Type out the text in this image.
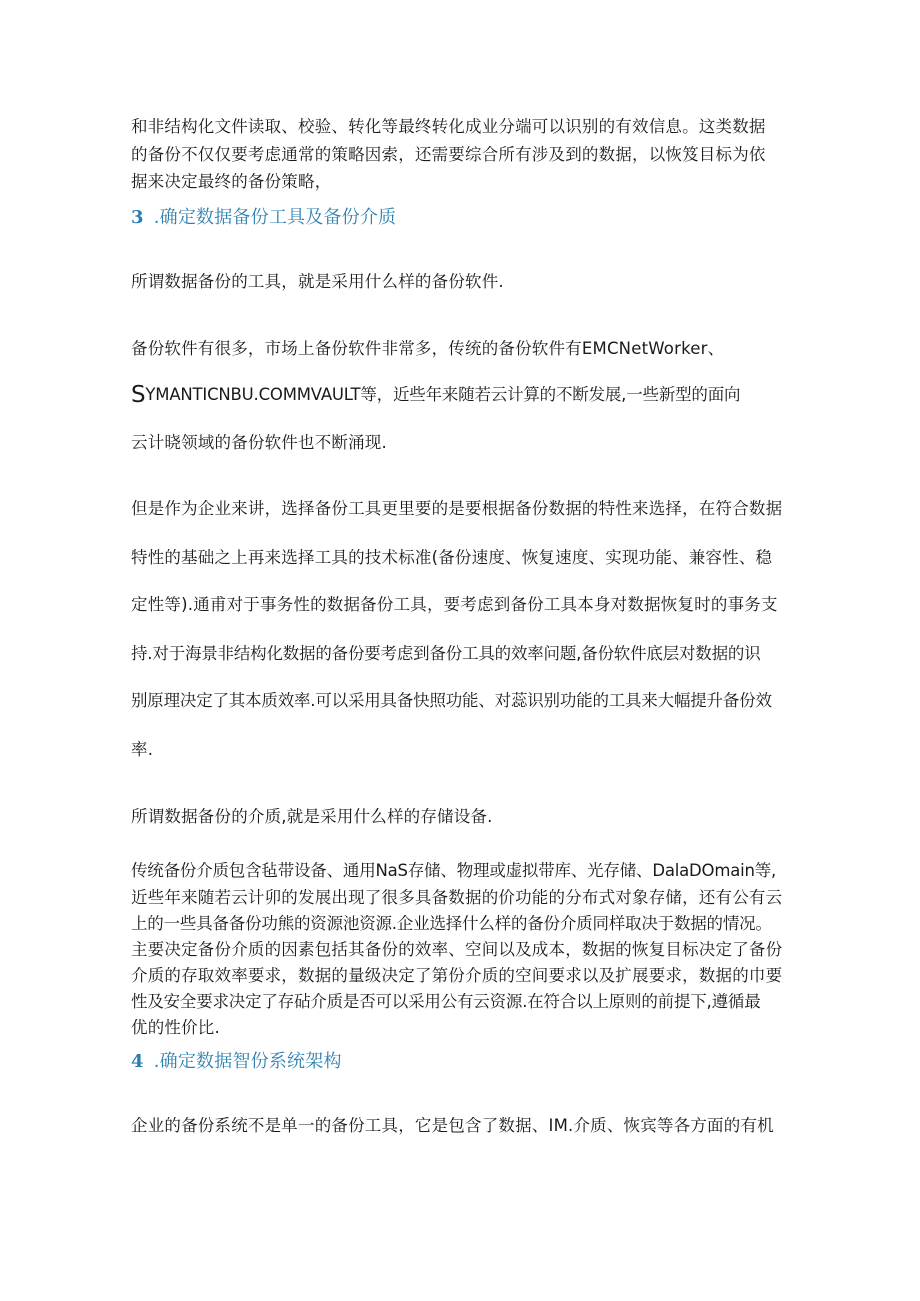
和非结构化文件读取、校验、转化等最终转化成业分端可以识别的有效信息。这类数据
的备份不仅仅要考虑通常的策略因索，还需要综合所有涉及到的数据，以恢笈目标为依
据来决定最终的备份策略，
3 .确定数据备份工具及备份介质
所谓数据备份的工具，就是采用什么样的备份软件.
备份软件有很多，市场上备份软件非常多，传统的备份软件有EMCNetWorker、
SYMANTICNBU.COMMVAULT等，近些年来随若云计算的不断发展,一些新型的面向
云计晓领域的备份软件也不断涌现.
但是作为企业来讲，选择备份工具更里要的是要根据备份数据的特性来选择，在符合数据
特性的基础之上再来选择工具的技术标准(备份速度、恢复速度、实现功能、兼容性、稳
定性等).通甫对于事务性的数据备份工具，要考虑到备份工具本身对数据恢复时的事务支
持.对于海景非结构化数据的备份要考虑到备份工具的效率问题,备份软件底层对数据的识
别原理决定了其本质效率.可以采用具备快照功能、对蕊识别功能的工具来大幅提升备份效
率.
所谓数据备份的介质,就是采用什么样的存储设备.
传统备份介质包含毡带设备、通用NaS存储、物理或虚拟带库、光存储、DalaDOmain等,
近些年来随若云计卯的发展出现了很多具备数据的价功能的分布式对象存储，还有公有云
上的一些具备备份功熊的资源池资源.企业选择什么样的备份介质同样取决于数据的情况。
主要决定备份介质的因素包括其备份的效率、空间以及成本，数据的恢复目标决定了备份
介质的存取效率要求，数据的量级决定了第份介质的空间要求以及扩展要求，数据的巾要
性及安全要求决定了存砧介质是否可以采用公有云资源.在符合以上原则的前提下,遵循最
优的性价比.
4 .确定数据智份系统架构
企业的备份系统不是单一的备份工具，它是包含了数据、IM.介质、恢宾等各方面的有机
